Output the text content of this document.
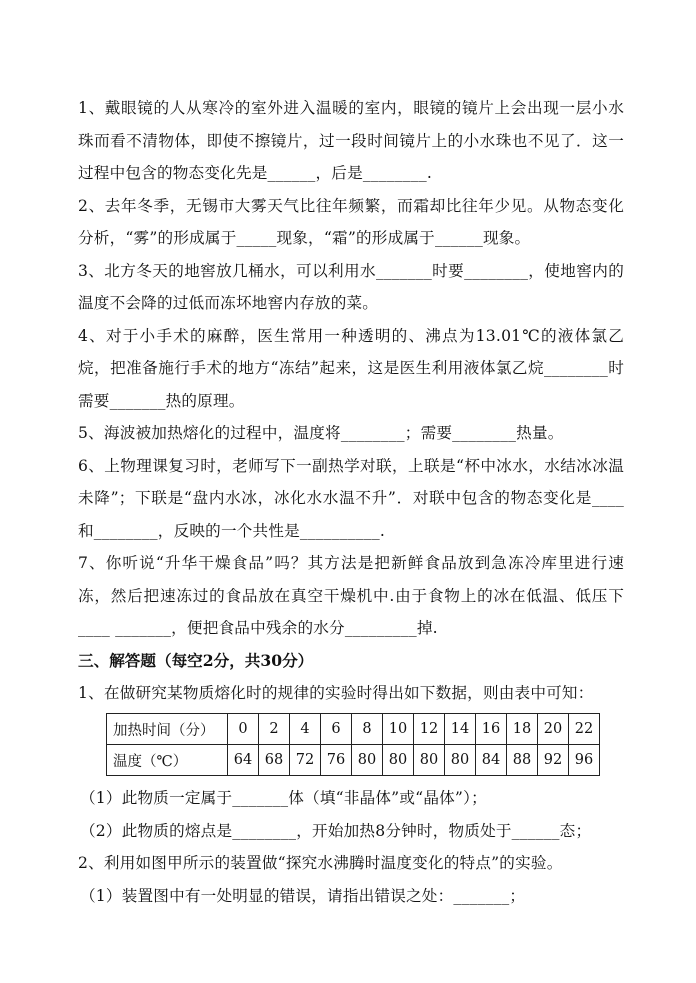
1、戴眼镜的人从寒冷的室外进入温暖的室内，眼镜的镜片上会出现一层小水珠而看不清物体，即使不擦镜片，过一段时间镜片上的小水珠也不见了．这一过程中包含的物态变化先是______，后是________.

2、去年冬季，无锡市大雾天气比往年频繁，而霜却比往年少见。从物态变化分析，“雾”的形成属于_____现象，“霜”的形成属于______现象。

3、北方冬天的地窖放几桶水，可以利用水_______时要________，使地窖内的温度不会降的过低而冻坏地窖内存放的菜。

4、对于小手术的麻醉，医生常用一种透明的、沸点为13.01℃的液体氯乙烷，把准备施行手术的地方“冻结”起来，这是医生利用液体氯乙烷________时需要_______热的原理。

5、海波被加热熔化的过程中，温度将________；需要________热量。

6、上物理课复习时，老师写下一副热学对联，上联是“杯中冰水，水结冰冰温未降”；下联是“盘内水冰，冰化水水温不升”．对联中包含的物态变化是____和________，反映的一个共性是__________.

7、你听说“升华干燥食品”吗？其方法是把新鲜食品放到急冻冷库里进行速冻，然后把速冻过的食品放在真空干燥机中.由于食物上的冰在低温、低压下____ _______，便把食品中残余的水分_________掉.

三、解答题（每空2分，共30分）

1、在做研究某物质熔化时的规律的实验时得出如下数据，则由表中可知：

加热时间（分）	0	2	4	6	8	10	12	14	16	18	20	22
温度（℃）	64	68	72	76	80	80	80	80	84	88	92	96

（1）此物质一定属于_______体（填“非晶体”或“晶体”）；

（2）此物质的熔点是________，开始加热8分钟时，物质处于______态；

2、利用如图甲所示的装置做“探究水沸腾时温度变化的特点”的实验。

（1）装置图中有一处明显的错误，请指出错误之处：_______；
